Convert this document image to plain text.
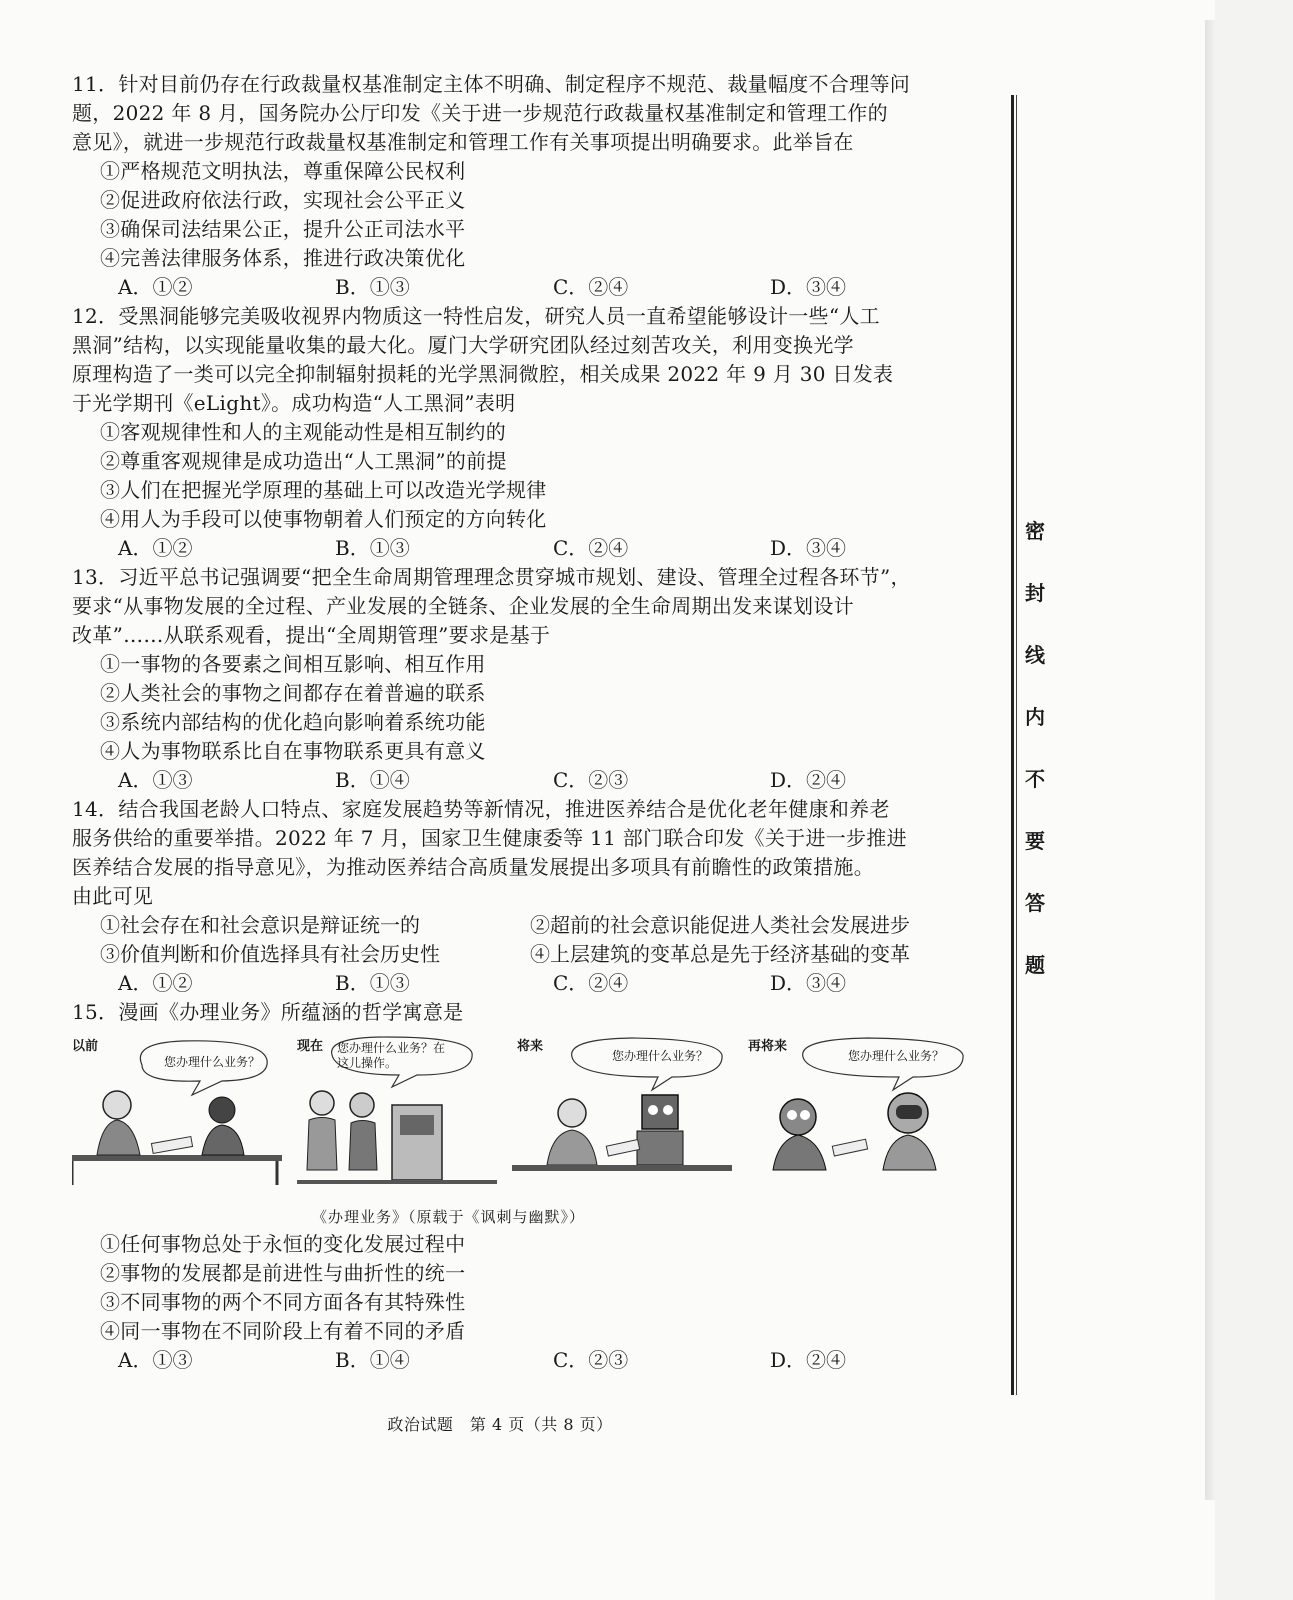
11．针对目前仍存在行政裁量权基准制定主体不明确、制定程序不规范、裁量幅度不合理等问
题，2022 年 8 月，国务院办公厅印发《关于进一步规范行政裁量权基准制定和管理工作的
意见》，就进一步规范行政裁量权基准制定和管理工作有关事项提出明确要求。此举旨在
①严格规范文明执法，尊重保障公民权利
②促进政府依法行政，实现社会公平正义
③确保司法结果公正，提升公正司法水平
④完善法律服务体系，推进行政决策优化
A．①②	B．①③	C．②④	D．③④
12．受黑洞能够完美吸收视界内物质这一特性启发，研究人员一直希望能够设计一些“人工
黑洞”结构，以实现能量收集的最大化。厦门大学研究团队经过刻苦攻关，利用变换光学
原理构造了一类可以完全抑制辐射损耗的光学黑洞微腔，相关成果 2022 年 9 月 30 日发表
于光学期刊《eLight》。成功构造“人工黑洞”表明
①客观规律性和人的主观能动性是相互制约的
②尊重客观规律是成功造出“人工黑洞”的前提
③人们在把握光学原理的基础上可以改造光学规律
④用人为手段可以使事物朝着人们预定的方向转化
A．①②	B．①③	C．②④	D．③④
13．习近平总书记强调要“把全生命周期管理理念贯穿城市规划、建设、管理全过程各环节”，
要求“从事物发展的全过程、产业发展的全链条、企业发展的全生命周期出发来谋划设计
改革”……从联系观看，提出“全周期管理”要求是基于
①一事物的各要素之间相互影响、相互作用
②人类社会的事物之间都存在着普遍的联系
③系统内部结构的优化趋向影响着系统功能
④人为事物联系比自在事物联系更具有意义
A．①③	B．①④	C．②③	D．②④
14．结合我国老龄人口特点、家庭发展趋势等新情况，推进医养结合是优化老年健康和养老
服务供给的重要举措。2022 年 7 月，国家卫生健康委等 11 部门联合印发《关于进一步推进
医养结合发展的指导意见》，为推动医养结合高质量发展提出多项具有前瞻性的政策措施。
由此可见
①社会存在和社会意识是辩证统一的	②超前的社会意识能促进人类社会发展进步
③价值判断和价值选择具有社会历史性	④上层建筑的变革总是先于经济基础的变革
A．①②	B．①③	C．②④	D．③④
15．漫画《办理业务》所蕴涵的哲学寓意是
以前
您办理什么业务？
现在 您办理什么业务？在
这儿操作。
将来
您办理什么业务？
再将来
您办理什么业务？
《办理业务》（原载于《讽刺与幽默》）
①任何事物总处于永恒的变化发展过程中
②事物的发展都是前进性与曲折性的统一
③不同事物的两个不同方面各有其特殊性
④同一事物在不同阶段上有着不同的矛盾
A．①③	B．①④	C．②③	D．②④
政治试题　第 4 页（共 8 页）
密
封
线
内
不
要
答
题
